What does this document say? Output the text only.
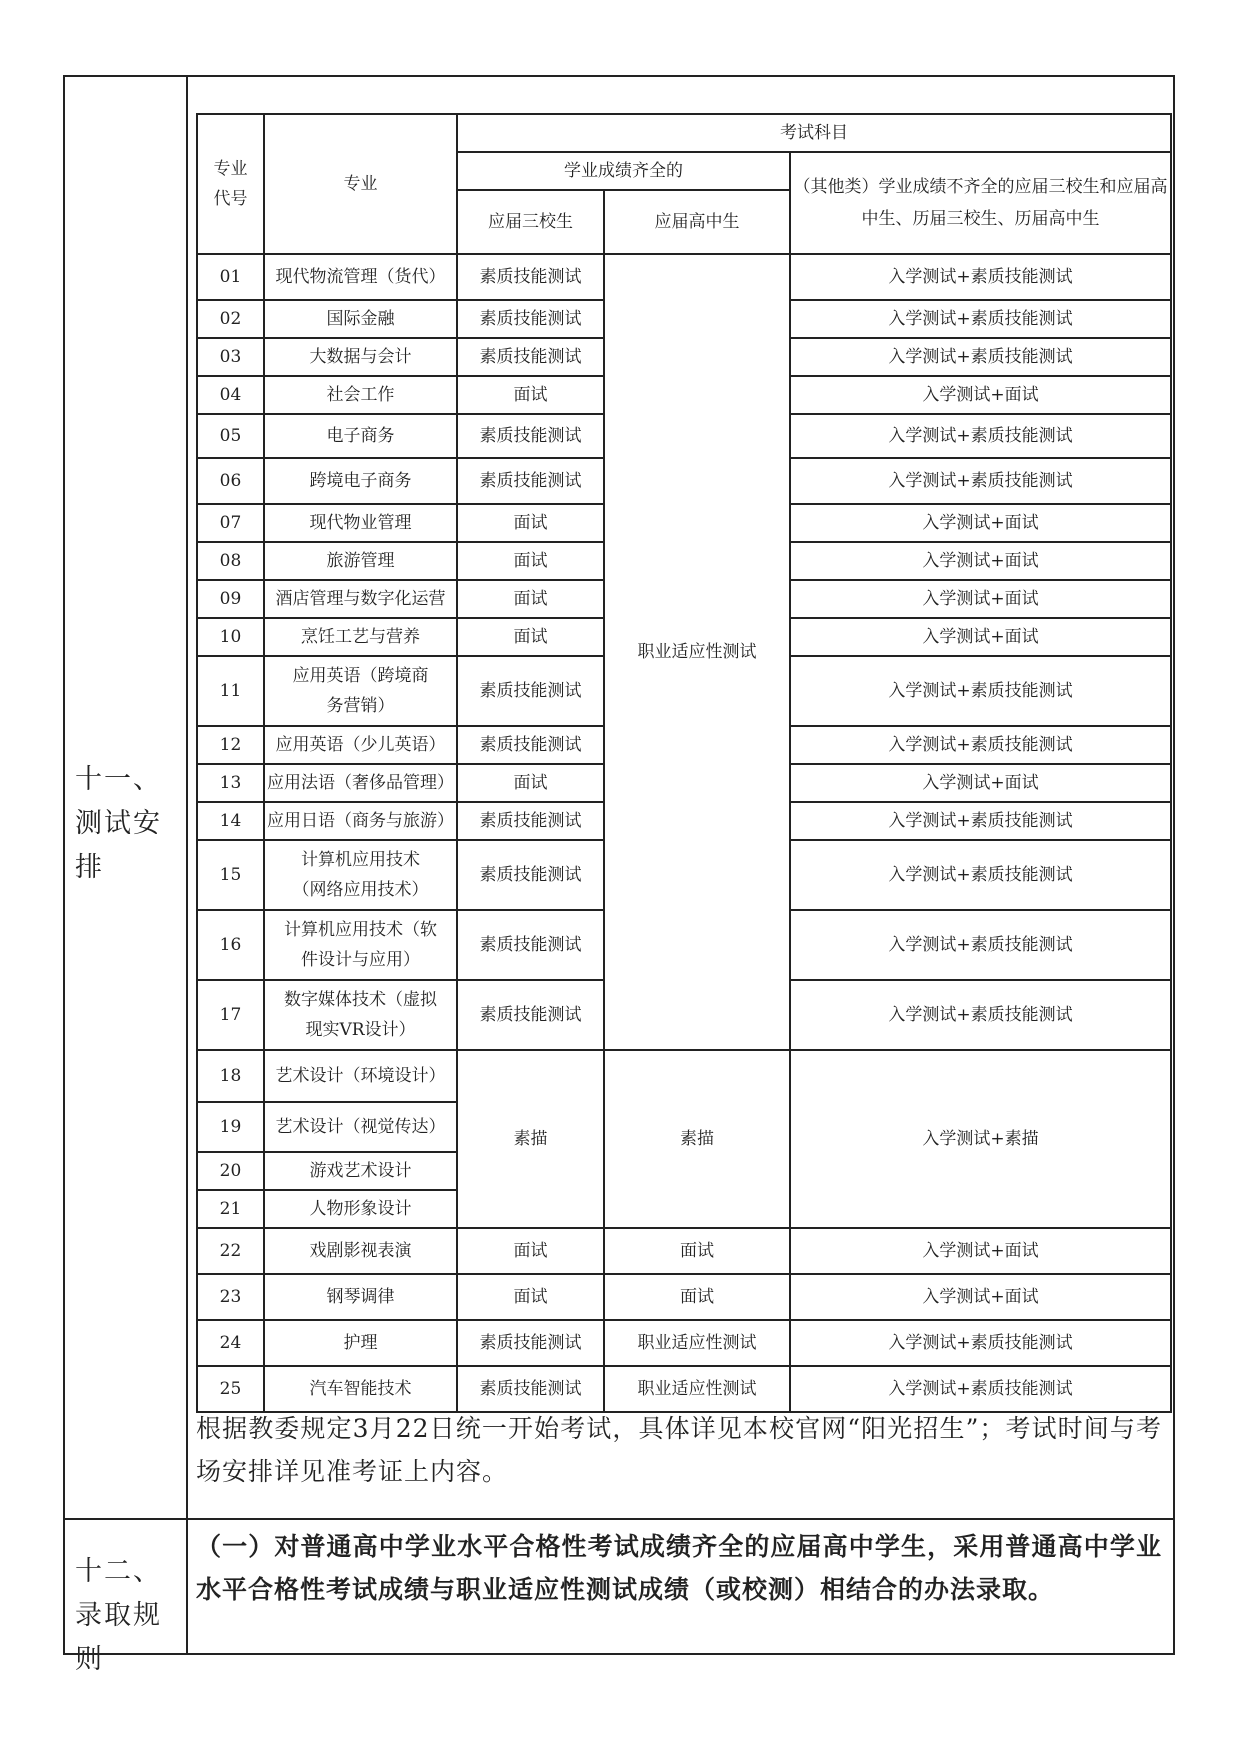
十一、测试安排
十二、录取规则
专业代号	专业	考试科目		
		学业成绩齐全的		（其他类）学业成绩不齐全的应届三校生和应届高中生、历届三校生、历届高中生
		应届三校生	应届高中生	
01	现代物流管理（货代）	素质技能测试	职业适应性测试	入学测试+素质技能测试
02	国际金融	素质技能测试		入学测试+素质技能测试
03	大数据与会计	素质技能测试		入学测试+素质技能测试
04	社会工作	面试		入学测试+面试
05	电子商务	素质技能测试		入学测试+素质技能测试
06	跨境电子商务	素质技能测试		入学测试+素质技能测试
07	现代物业管理	面试		入学测试+面试
08	旅游管理	面试		入学测试+面试
09	酒店管理与数字化运营	面试		入学测试+面试
10	烹饪工艺与营养	面试		入学测试+面试
11	应用英语（跨境商务营销）	素质技能测试		入学测试+素质技能测试
12	应用英语（少儿英语）	素质技能测试		入学测试+素质技能测试
13	应用法语（奢侈品管理）	面试		入学测试+面试
14	应用日语（商务与旅游）	素质技能测试		入学测试+素质技能测试
15	计算机应用技术（网络应用技术）	素质技能测试		入学测试+素质技能测试
16	计算机应用技术（软件设计与应用）	素质技能测试		入学测试+素质技能测试
17	数字媒体技术（虚拟现实VR设计）	素质技能测试		入学测试+素质技能测试
18	艺术设计（环境设计）	素描	素描	入学测试+素描
19	艺术设计（视觉传达）			
20	游戏艺术设计			
21	人物形象设计			
22	戏剧影视表演	面试	面试	入学测试+面试
23	钢琴调律	面试	面试	入学测试+面试
24	护理	素质技能测试	职业适应性测试	入学测试+素质技能测试
25	汽车智能技术	素质技能测试	职业适应性测试	入学测试+素质技能测试
根据教委规定3月22日统一开始考试，具体详见本校官网“阳光招生”；考试时间与考场安排详见准考证上内容。
（一）对普通高中学业水平合格性考试成绩齐全的应届高中学生，采用普通高中学业水平合格性考试成绩与职业适应性测试成绩（或校测）相结合的办法录取。
